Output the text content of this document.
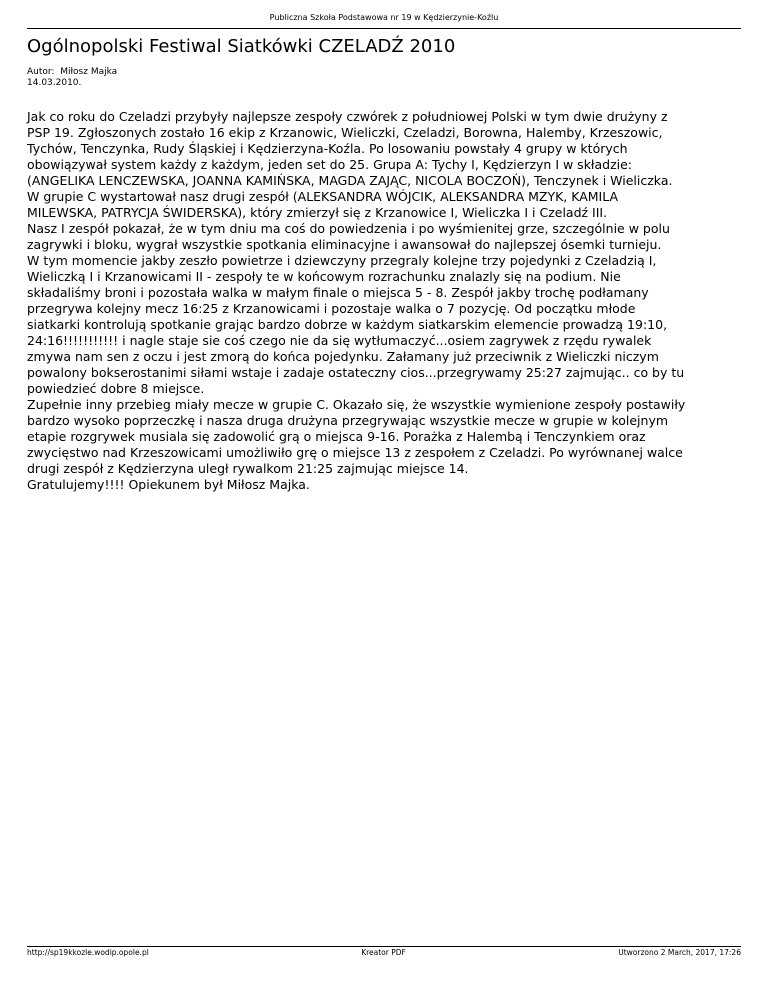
Publiczna Szkoła Podstawowa nr 19 w Kędzierzynie-Koźlu
Ogólnopolski Festiwal Siatkówki CZELADŹ 2010
Autor: Miłosz Majka
14.03.2010.

Jak co roku do Czeladzi przybyły najlepsze zespoły czwórek z południowej Polski w tym dwie drużyny z
PSP 19. Zgłoszonych zostało 16 ekip z Krzanowic, Wieliczki, Czeladzi, Borowna, Halemby, Krzeszowic,
Tychów, Tenczynka, Rudy Śląskiej i Kędzierzyna-Koźla. Po losowaniu powstały 4 grupy w których
obowiązywał system każdy z każdym, jeden set do 25. Grupa A: Tychy I, Kędzierzyn I w składzie:
(ANGELIKA LENCZEWSKA, JOANNA KAMIŃSKA, MAGDA ZAJĄC, NICOLA BOCZOŃ), Tenczynek i Wieliczka.
W grupie C wystartował nasz drugi zespół (ALEKSANDRA WÓJCIK, ALEKSANDRA MZYK, KAMILA
MILEWSKA, PATRYCJA ŚWIDERSKA), który zmierzył się z Krzanowice I, Wieliczka I i Czeladź III.

Nasz I zespół pokazał, że w tym dniu ma coś do powiedzenia i po wyśmienitej grze, szczególnie w polu
zagrywki i bloku, wygrał wszystkie spotkania eliminacyjne i awansował do najlepszej ósemki turnieju.
W tym momencie jakby zeszło powietrze i dziewczyny przegraly kolejne trzy pojedynki z Czeladzią I,
Wieliczką I i Krzanowicami II - zespoły te w końcowym rozrachunku znalazly się na podium. Nie
składaliśmy broni i pozostała walka w małym finale o miejsca 5 - 8. Zespół jakby trochę podłamany
przegrywa kolejny mecz 16:25 z Krzanowicami i pozostaje walka o 7 pozycję. Od początku młode
siatkarki kontrolują spotkanie grając bardzo dobrze w każdym siatkarskim elemencie prowadzą 19:10,
24:16!!!!!!!!!!! i nagle staje sie coś czego nie da się wytłumaczyć...osiem zagrywek z rzędu rywalek
zmywa nam sen z oczu i jest zmorą do końca pojedynku. Załamany już przeciwnik z Wieliczki niczym
powalony bokserostanimi siłami wstaje i zadaje ostateczny cios...przegrywamy 25:27 zajmując.. co by tu
powiedzieć dobre 8 miejsce.

Zupełnie inny przebieg miały mecze w grupie C. Okazało się, że wszystkie wymienione zespoły postawiły
bardzo wysoko poprzeczkę i nasza druga drużyna przegrywając wszystkie mecze w grupie w kolejnym
etapie rozgrywek musiala się zadowolić grą o miejsca 9-16. Porażka z Halembą i Tenczynkiem oraz
zwycięstwo nad Krzeszowicami umożliwiło grę o miejsce 13 z zespołem z Czeladzi. Po wyrównanej walce
drugi zespół z Kędzierzyna uległ rywalkom 21:25 zajmując miejsce 14.

Gratulujemy!!!! Opiekunem był Miłosz Majka.

http://sp19kkozle.wodip.opole.pl	Kreator PDF	Utworzono 2 March, 2017, 17:26
